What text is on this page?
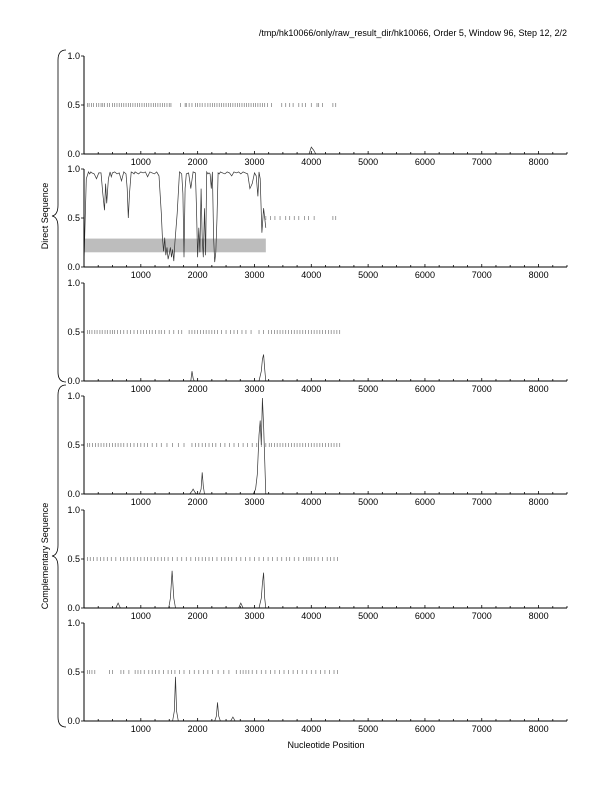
/tmp/hk10066/only/raw_result_dir/hk10066, Order 5, Window 96, Step 12, 2/2
0.0
0.5
1.0
1000	2000	3000	4000	5000	6000	7000	8000
0.0
0.5
1.0
1000	2000	3000	4000	5000	6000	7000	8000
0.0
0.5
1.0
1000	2000	3000	4000	5000	6000	7000	8000
0.0
0.5
1.0
1000	2000	3000	4000	5000	6000	7000	8000
0.0
0.5
1.0
1000	2000	3000	4000	5000	6000	7000	8000
0.0
0.5
1.0
1000	2000	3000	4000	5000	6000	7000	8000
Direct Sequence
Complementary Sequence
Nucleotide Position
